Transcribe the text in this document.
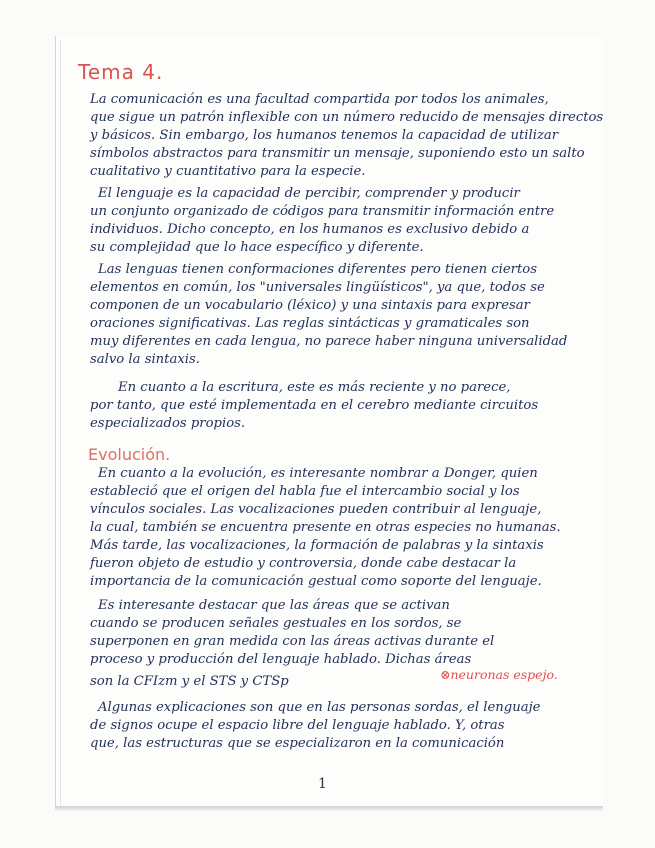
Tema 4.
La comunicación es una facultad compartida por todos los animales,
que sigue un patrón inflexible con un número reducido de mensajes directos
y básicos. Sin embargo, los humanos tenemos la capacidad de utilizar
símbolos abstractos para transmitir un mensaje, suponiendo esto un salto
cualitativo y cuantitativo para la especie.
El lenguaje es la capacidad de percibir, comprender y producir
un conjunto organizado de códigos para transmitir información entre
individuos. Dicho concepto, en los humanos es exclusivo debido a
su complejidad que lo hace específico y diferente.
Las lenguas tienen conformaciones diferentes pero tienen ciertos
elementos en común, los "universales lingüísticos", ya que, todos se
componen de un vocabulario (léxico) y una sintaxis para expresar
oraciones significativas. Las reglas sintácticas y gramaticales son
muy diferentes en cada lengua, no parece haber ninguna universalidad
salvo la sintaxis.
En cuanto a la escritura, este es más reciente y no parece,
por tanto, que esté implementada en el cerebro mediante circuitos
especializados propios.
Evolución.
En cuanto a la evolución, es interesante nombrar a Donger, quien
estableció que el origen del habla fue el intercambio social y los
vínculos sociales. Las vocalizaciones pueden contribuir al lenguaje,
la cual, también se encuentra presente en otras especies no humanas.
Más tarde, las vocalizaciones, la formación de palabras y la sintaxis
fueron objeto de estudio y controversia, donde cabe destacar la
importancia de la comunicación gestual como soporte del lenguaje.
Es interesante destacar que las áreas que se activan
cuando se producen señales gestuales en los sordos, se
superponen en gran medida con las áreas activas durante el
proceso y producción del lenguaje hablado. Dichas áreas
son la CFIzm y el STS y CTSp	⊗neuronas espejo.
Algunas explicaciones son que en las personas sordas, el lenguaje
de signos ocupe el espacio libre del lenguaje hablado. Y, otras
que, las estructuras que se especializaron en la comunicación
1
